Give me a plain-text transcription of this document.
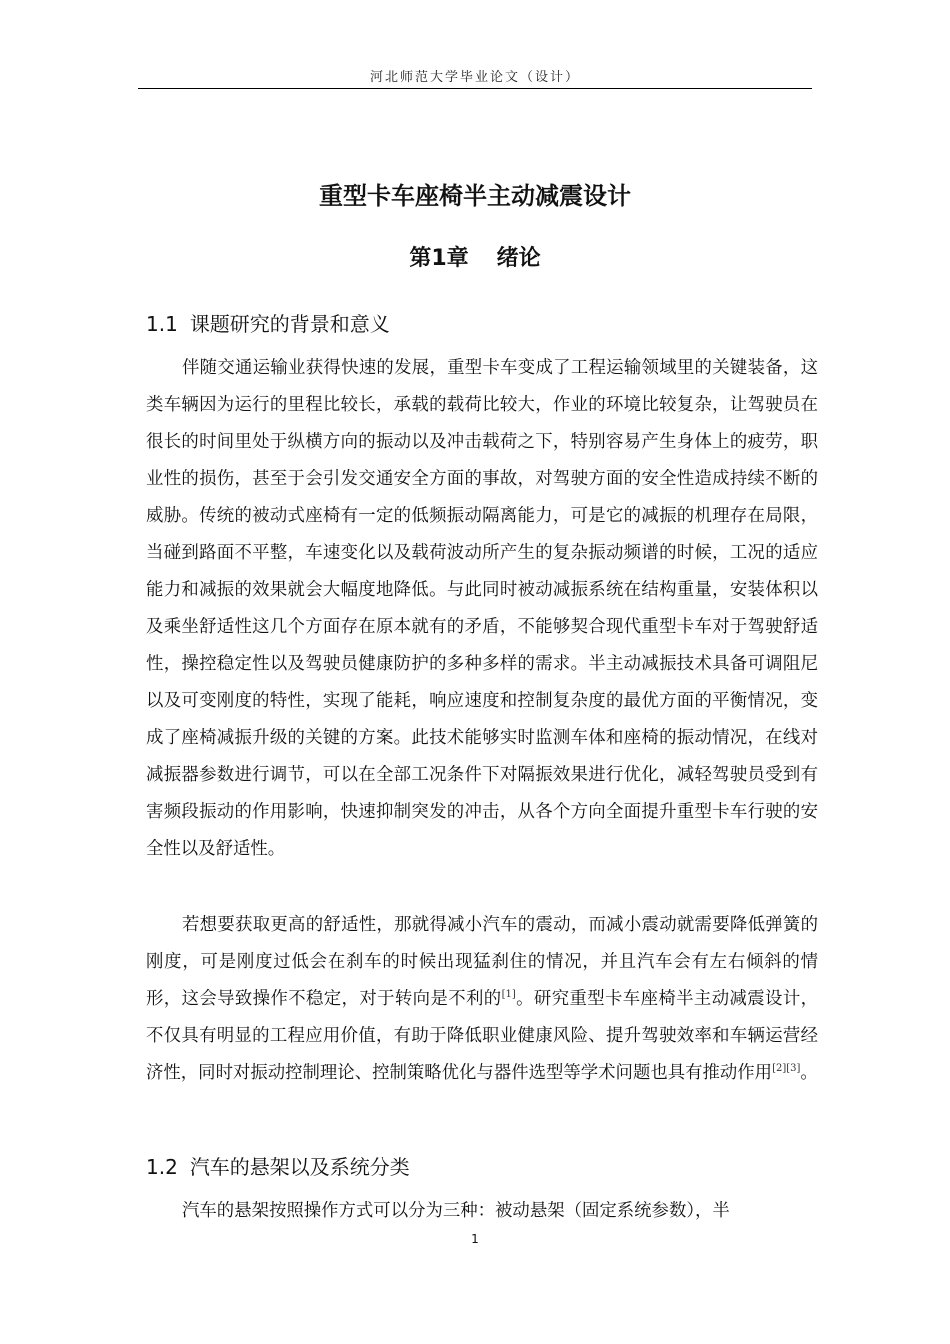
河北师范大学毕业论文（设计）
重型卡车座椅半主动减震设计
第1章 绪论
1.1 课题研究的背景和意义

伴随交通运输业获得快速的发展，重型卡车变成了工程运输领域里的关键装备，这类车辆因为运行的里程比较长，承载的载荷比较大，作业的环境比较复杂，让驾驶员在很长的时间里处于纵横方向的振动以及冲击载荷之下，特别容易产生身体上的疲劳，职业性的损伤，甚至于会引发交通安全方面的事故，对驾驶方面的安全性造成持续不断的威胁。传统的被动式座椅有一定的低频振动隔离能力，可是它的减振的机理存在局限，当碰到路面不平整，车速变化以及载荷波动所产生的复杂振动频谱的时候，工况的适应能力和减振的效果就会大幅度地降低。与此同时被动减振系统在结构重量，安装体积以及乘坐舒适性这几个方面存在原本就有的矛盾，不能够契合现代重型卡车对于驾驶舒适性，操控稳定性以及驾驶员健康防护的多种多样的需求。半主动减振技术具备可调阻尼以及可变刚度的特性，实现了能耗，响应速度和控制复杂度的最优方面的平衡情况，变成了座椅减振升级的关键的方案。此技术能够实时监测车体和座椅的振动情况，在线对减振器参数进行调节，可以在全部工况条件下对隔振效果进行优化，减轻驾驶员受到有害频段振动的作用影响，快速抑制突发的冲击，从各个方向全面提升重型卡车行驶的安全性以及舒适性。

若想要获取更高的舒适性，那就得减小汽车的震动，而减小震动就需要降低弹簧的刚度，可是刚度过低会在刹车的时候出现猛刹住的情况，并且汽车会有左右倾斜的情形，这会导致操作不稳定，对于转向是不利的[1]。研究重型卡车座椅半主动减震设计，不仅具有明显的工程应用价值，有助于降低职业健康风险、提升驾驶效率和车辆运营经济性，同时对振动控制理论、控制策略优化与器件选型等学术问题也具有推动作用[2][3]。

1.2 汽车的悬架以及系统分类

汽车的悬架按照操作方式可以分为三种：被动悬架（固定系统参数），半

1
